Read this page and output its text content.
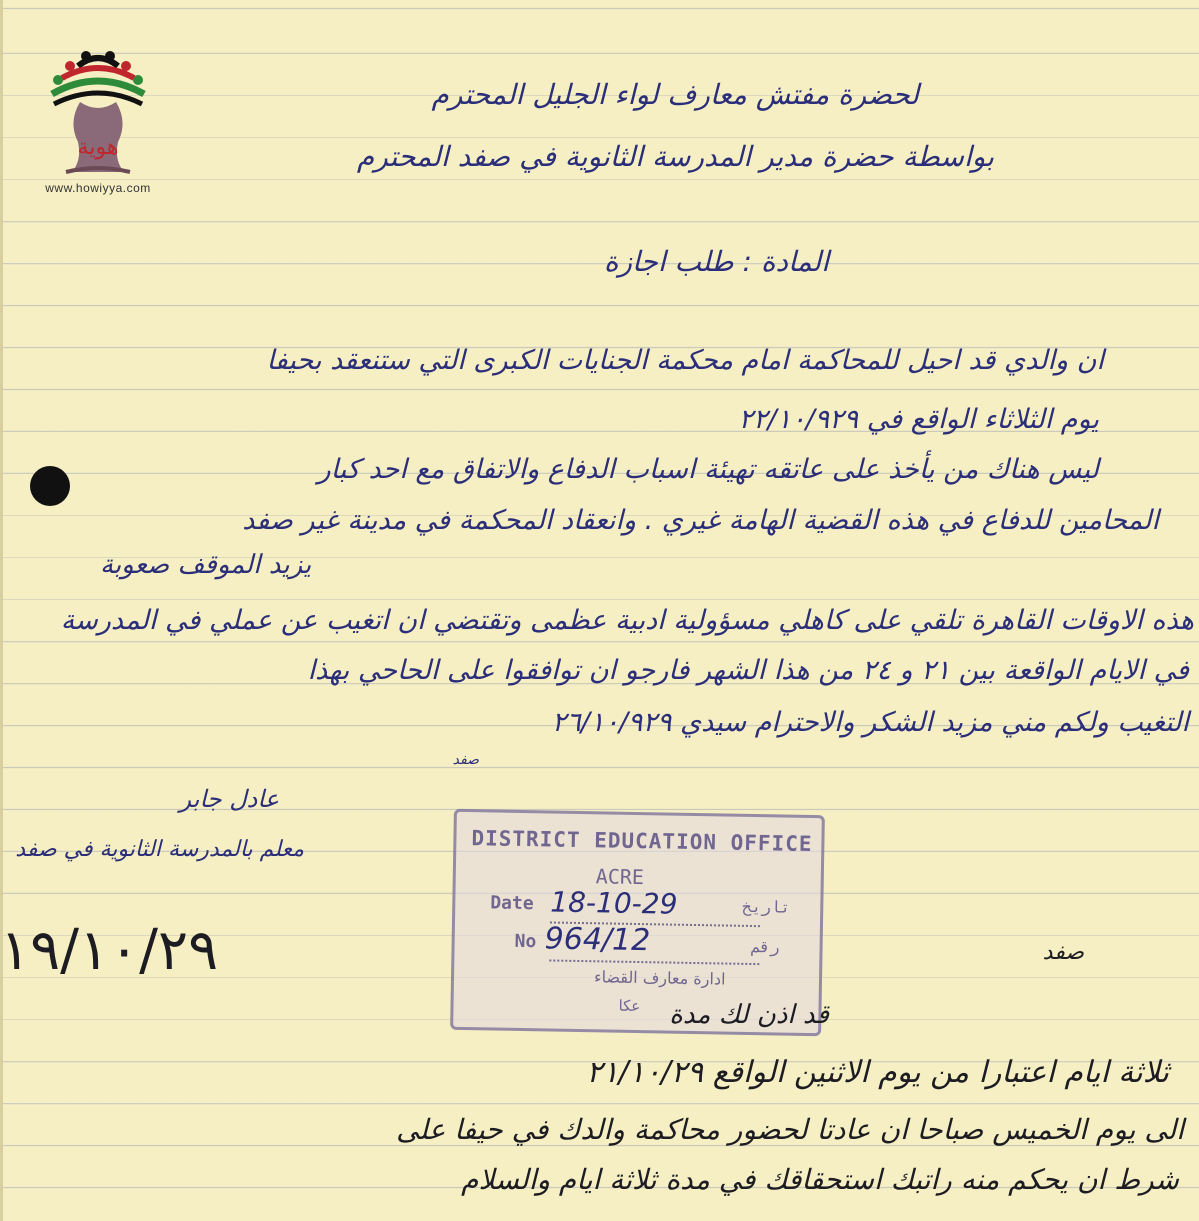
هوية
www.howiyya.com
لحضرة مفتش معارف لواء الجليل المحترم
بواسطة حضرة مدير المدرسة الثانوية في صفد المحترم
المادة : طلب اجازة
ان والدي قد احيل للمحاكمة امام محكمة الجنايات الكبرى التي ستنعقد بحيفا
يوم الثلاثاء الواقع في ٢٢/١٠/٩٢٩
ليس هناك من يأخذ على عاتقه تهيئة اسباب الدفاع والاتفاق مع احد كبار
المحامين للدفاع في هذه القضية الهامة غيري . وانعقاد المحكمة في مدينة غير صفد
يزيد الموقف صعوبة
هذه الاوقات القاهرة تلقي على كاهلي مسؤولية ادبية عظمى وتقتضي ان اتغيب عن عملي في المدرسة
في الايام الواقعة بين ٢١ و ٢٤ من هذا الشهر فارجو ان توافقوا على الحاحي بهذا
التغيب ولكم مني مزيد الشكر والاحترام سيدي ٢٦/١٠/٩٢٩
صفد
عادل جابر
معلم بالمدرسة الثانوية في صفد	DISTRICT EDUCATION OFFICE
ACRE
Date 18-10-29	تاريخ
No 964/12	رقم
ادارة معارف القضاء
عكا
١٩/١٠/٢٩	صفد
قد اذن لك مدة
ثلاثة ايام اعتبارا من يوم الاثنين الواقع ٢١/١٠/٢٩
الى يوم الخميس صباحا ان عادتا لحضور محاكمة والدك في حيفا على
شرط ان يحكم منه راتبك استحقاقك في مدة ثلاثة ايام والسلام
